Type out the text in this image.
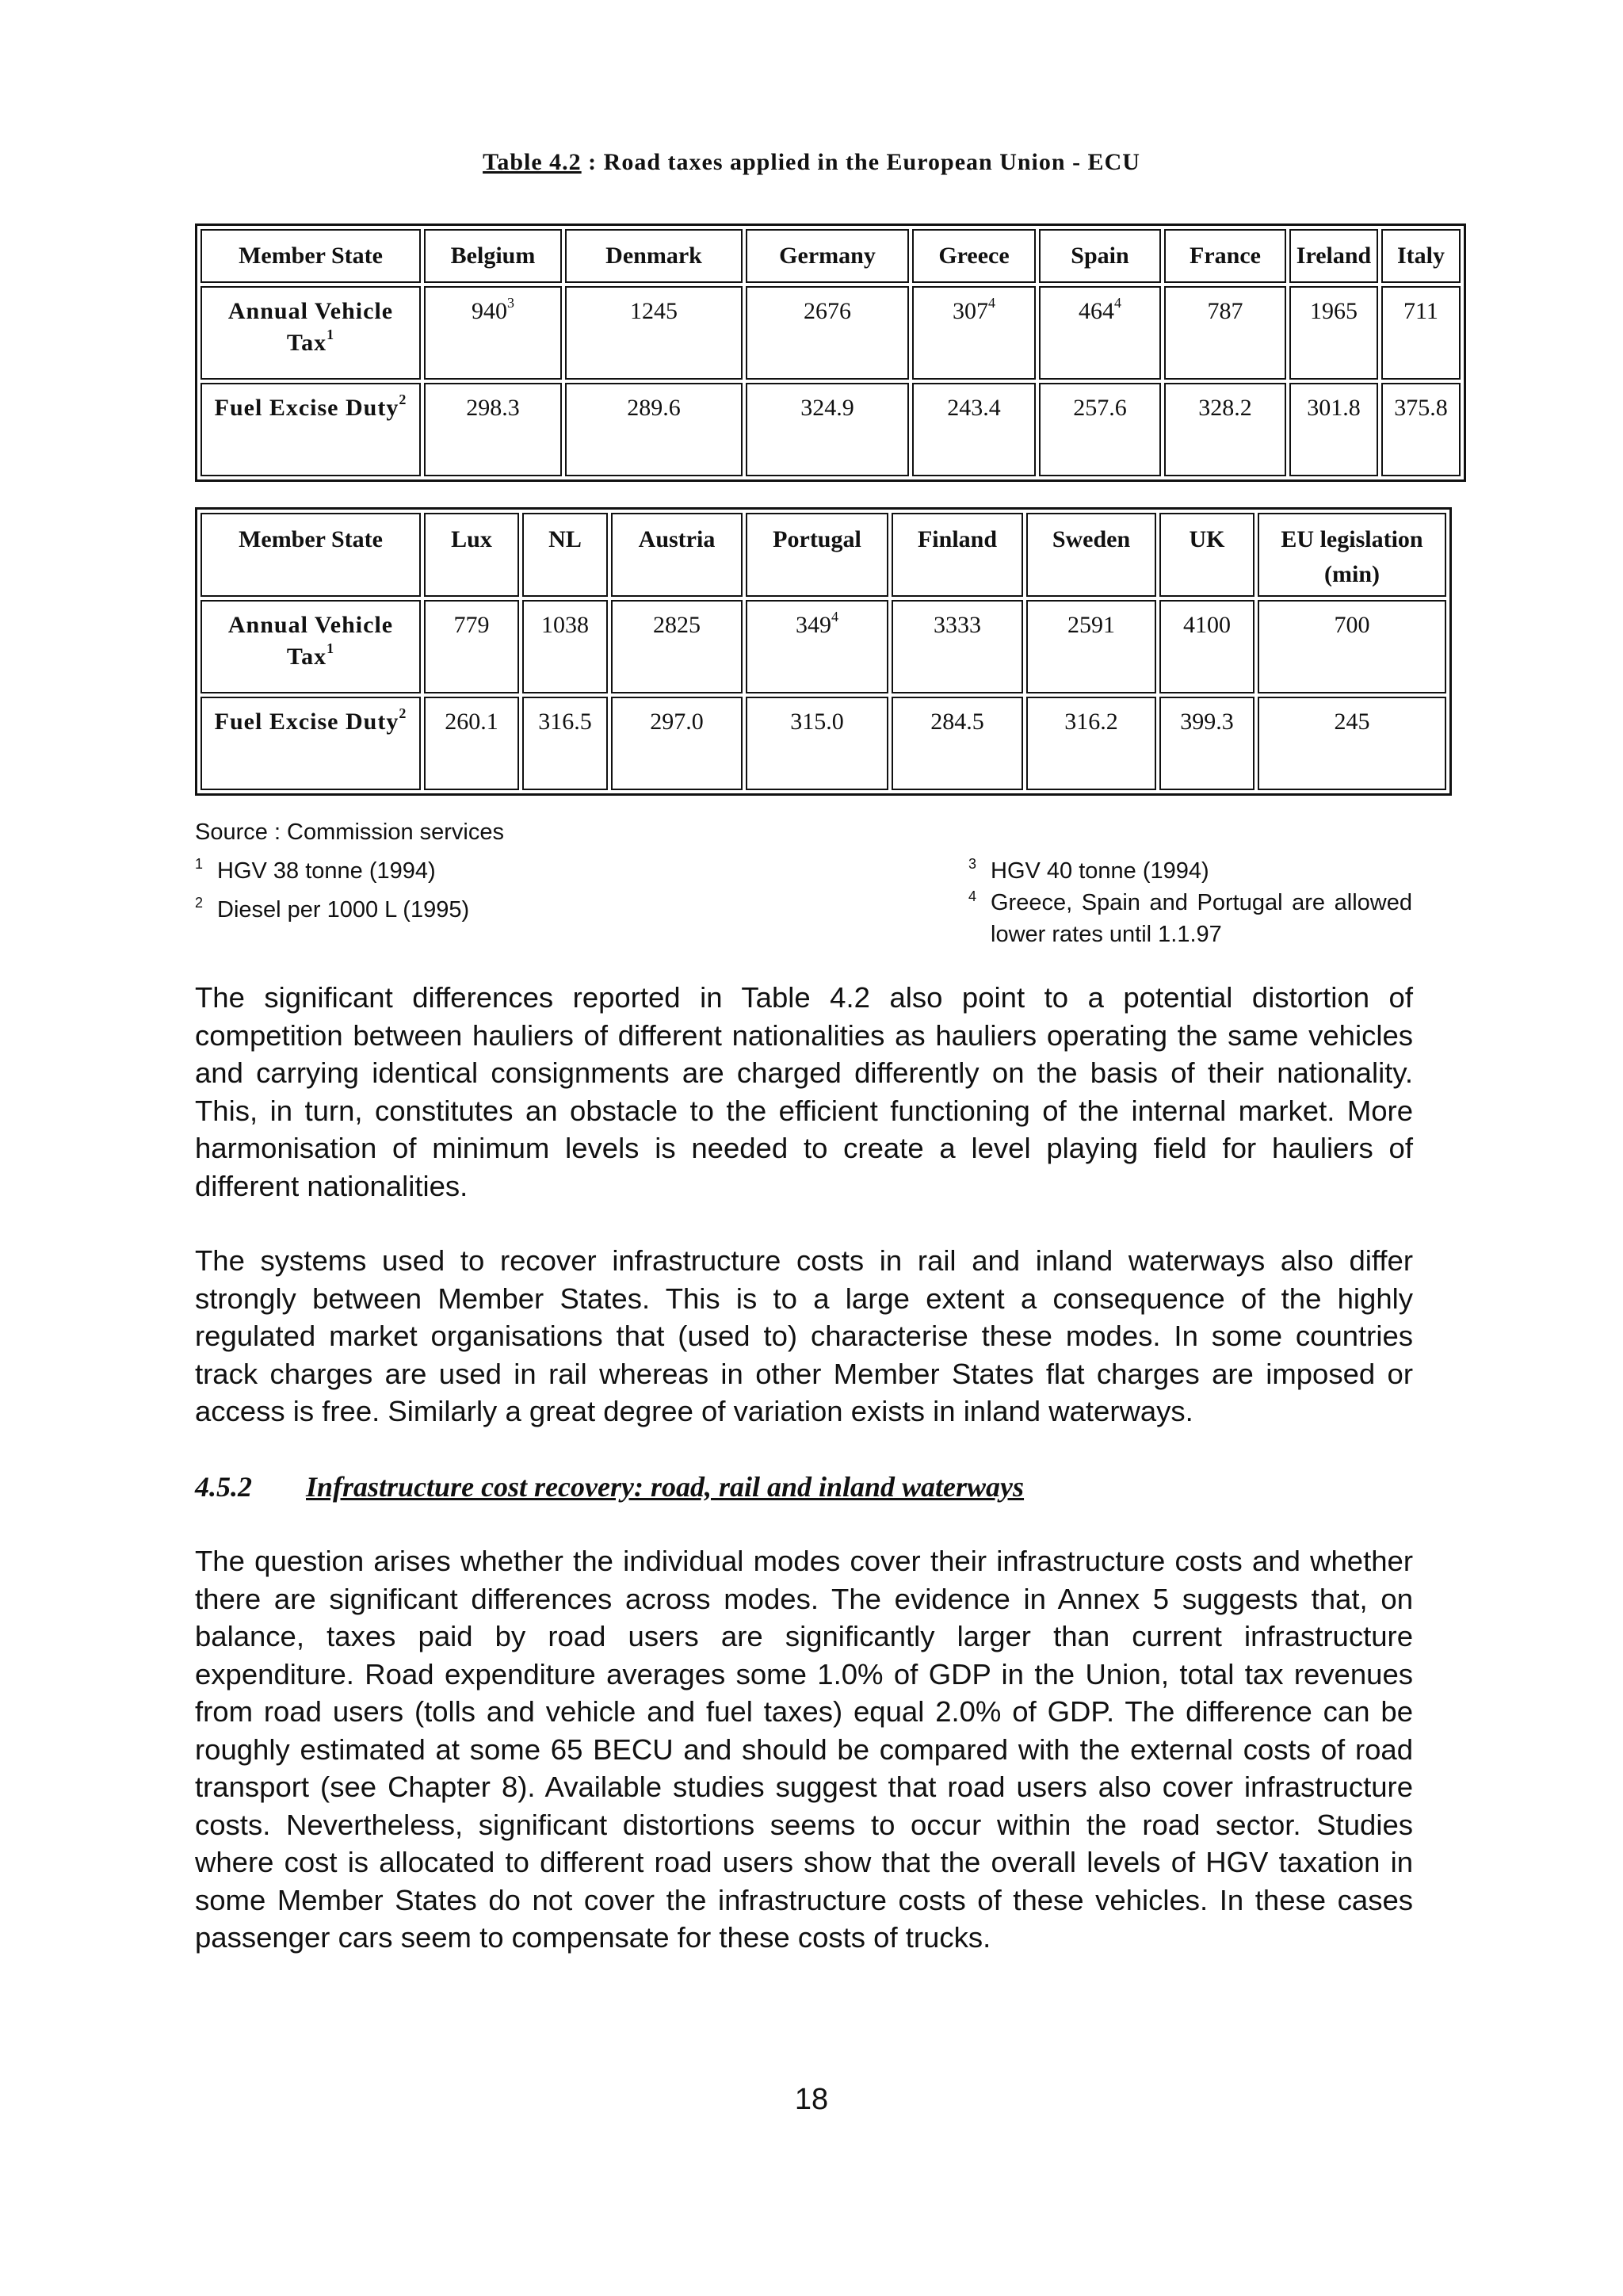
Table 4.2 : Road taxes applied in the European Union - ECU
Member State	Belgium	Denmark	Germany	Greece	Spain	France	Ireland	Italy
Annual Vehicle Tax$^1$	$940^3$	1245	2676	$307^4$	$464^4$	787	1965	711
Fuel Excise Duty$^2$	298.3	289.6	324.9	243.4	257.6	328.2	301.8	375.8
Member State	Lux	NL	Austria	Portugal	Finland	Sweden	UK	EU legislation (min)
Annual Vehicle Tax$^1$	779	1038	2825	$349^4$	3333	2591	4100	700
Fuel Excise Duty$^2$	260.1	316.5	297.0	315.0	284.5	316.2	399.3	245
Source : Commission services
1 HGV 38 tonne (1994)
2 Diesel per 1000 L (1995)
3 HGV 40 tonne (1994)
4 Greece, Spain and Portugal are allowed lower rates until 1.1.97
The significant differences reported in Table 4.2 also point to a potential distortion of competition between hauliers of different nationalities as hauliers operating the same vehicles and carrying identical consignments are charged differently on the basis of their nationality. This, in turn, constitutes an obstacle to the efficient functioning of the internal market. More harmonisation of minimum levels is needed to create a level playing field for hauliers of different nationalities.
The systems used to recover infrastructure costs in rail and inland waterways also differ strongly between Member States. This is to a large extent a consequence of the highly regulated market organisations that (used to) characterise these modes. In some countries track charges are used in rail whereas in other Member States flat charges are imposed or access is free. Similarly a great degree of variation exists in inland waterways.
4.5.2 Infrastructure cost recovery: road, rail and inland waterways
The question arises whether the individual modes cover their infrastructure costs and whether there are significant differences across modes. The evidence in Annex 5 suggests that, on balance, taxes paid by road users are significantly larger than current infrastructure expenditure. Road expenditure averages some 1.0% of GDP in the Union, total tax revenues from road users (tolls and vehicle and fuel taxes) equal 2.0% of GDP. The difference can be roughly estimated at some 65 BECU and should be compared with the external costs of road transport (see Chapter 8). Available studies suggest that road users also cover infrastructure costs. Nevertheless, significant distortions seems to occur within the road sector. Studies where cost is allocated to different road users show that the overall levels of HGV taxation in some Member States do not cover the infrastructure costs of these vehicles. In these cases passenger cars seem to compensate for these costs of trucks.
18
